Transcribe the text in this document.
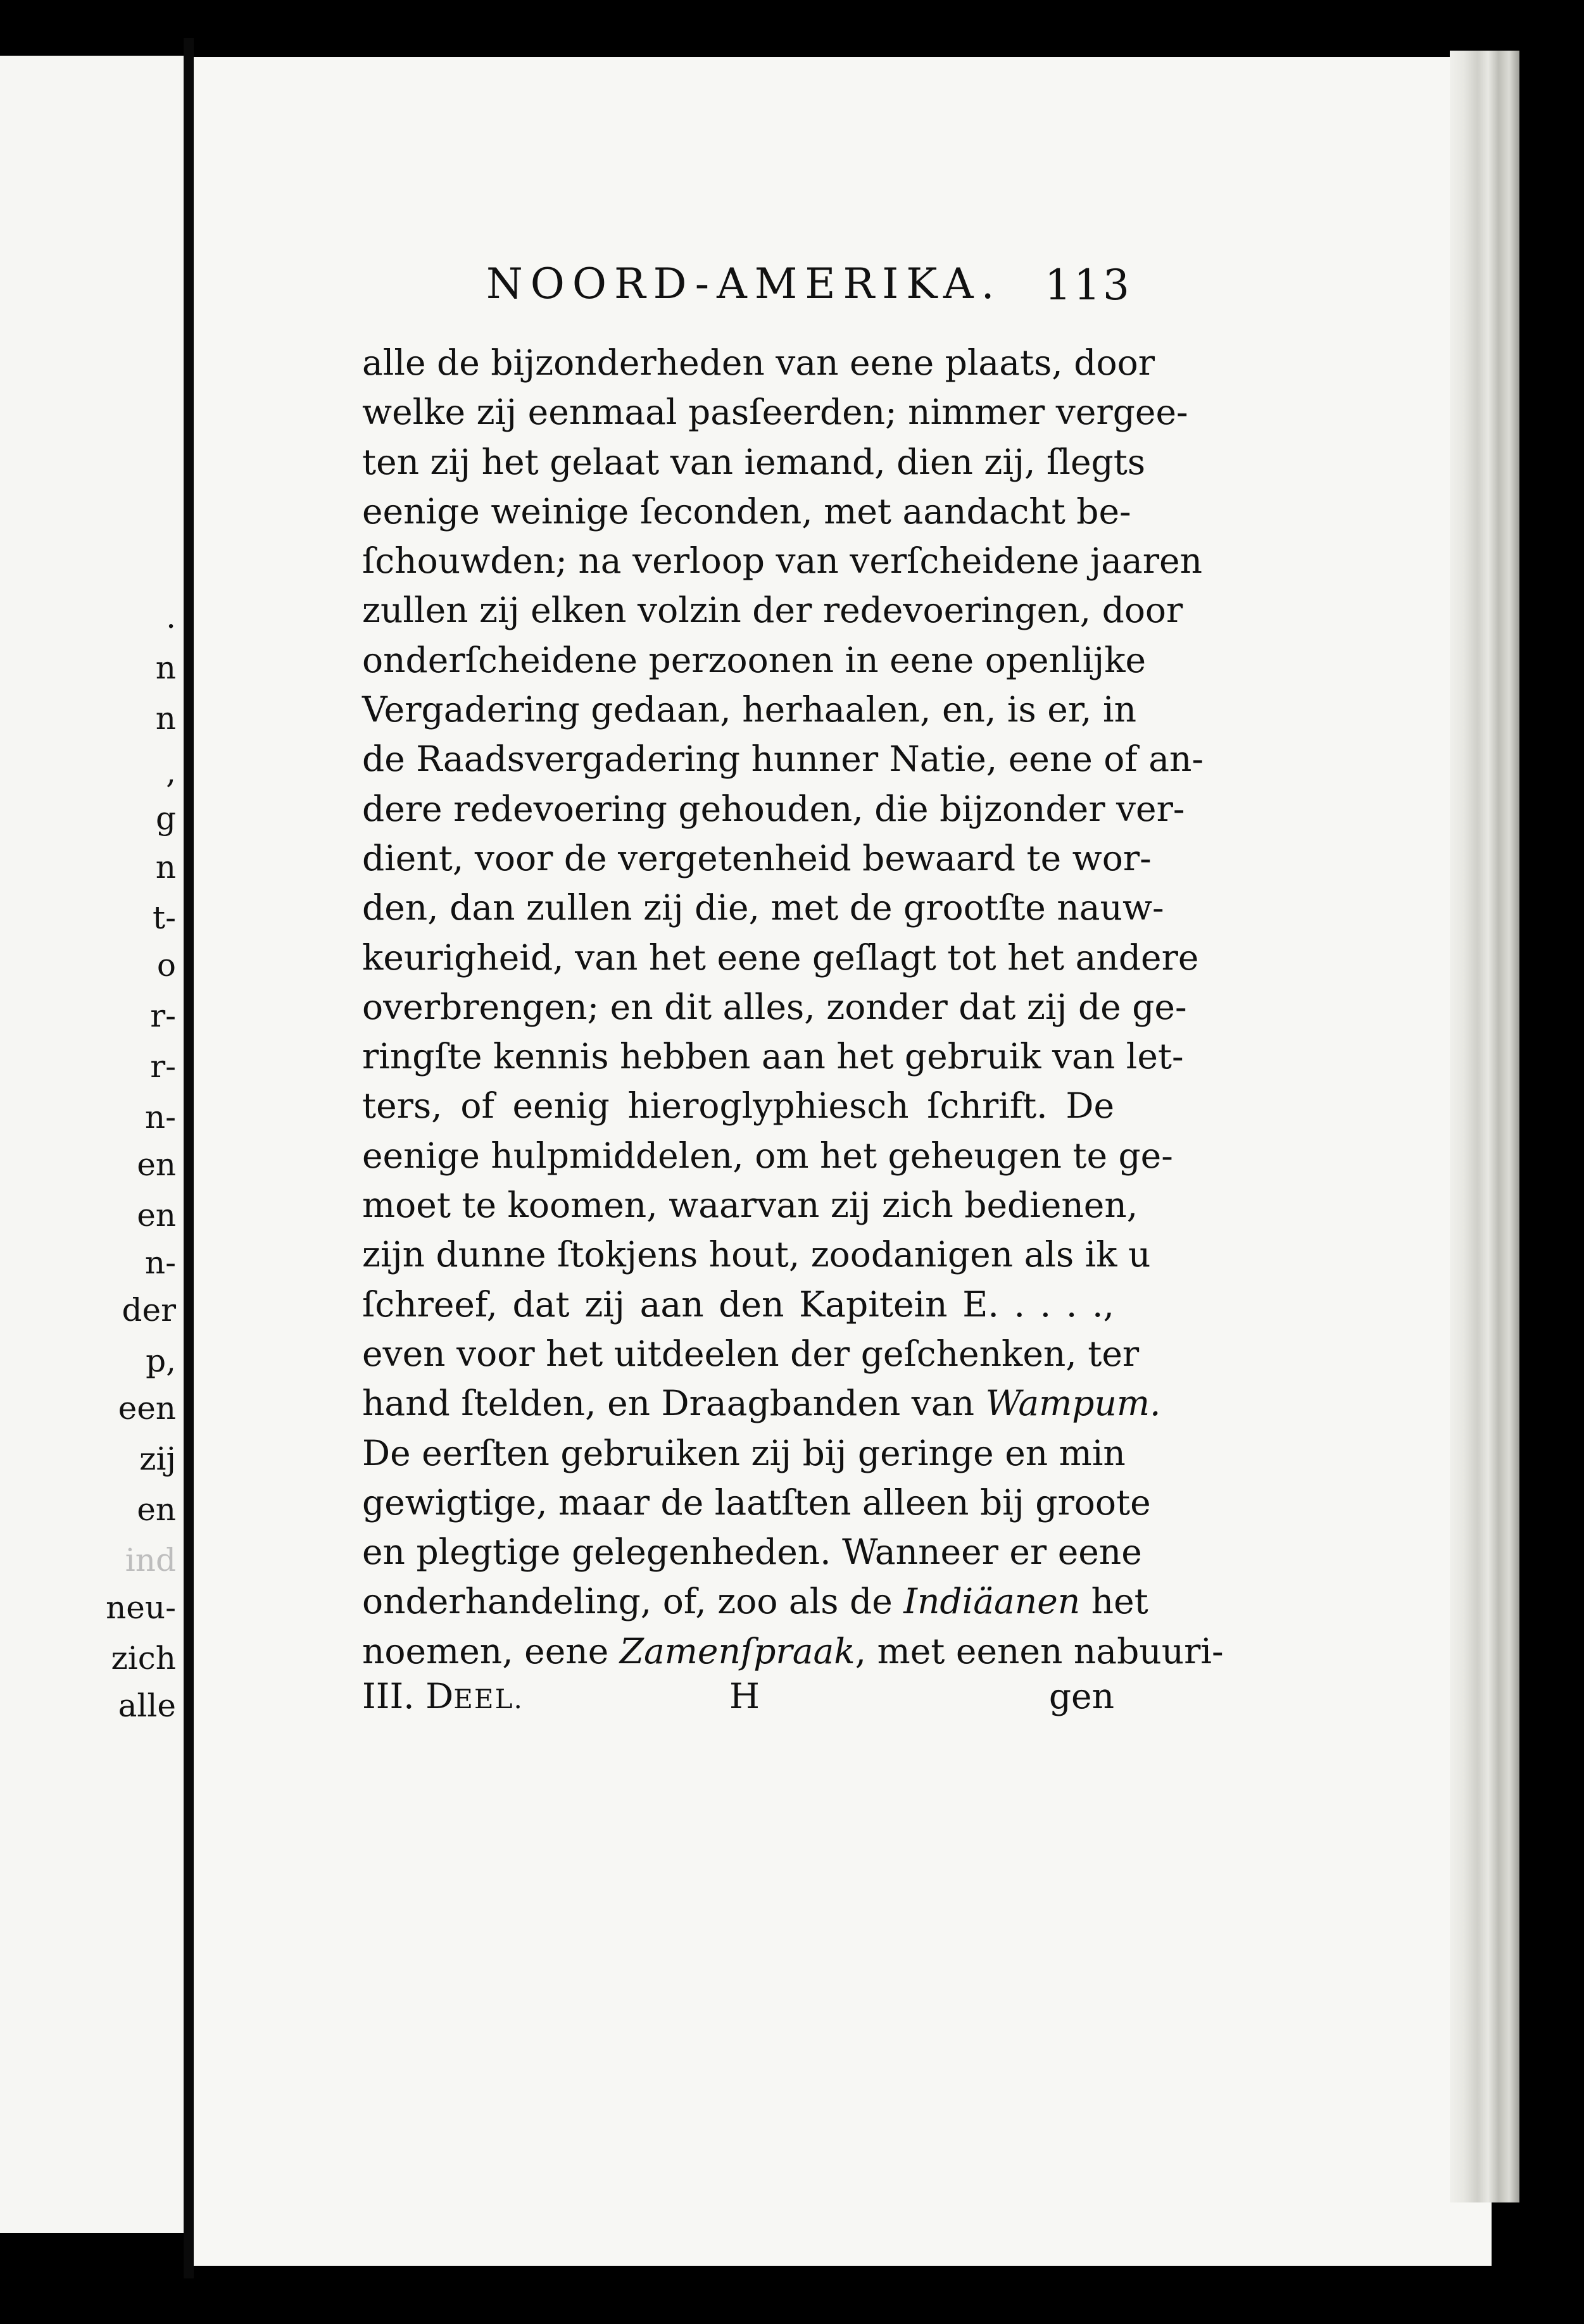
.
n
n
,
g
n
t-
o
r-
r-
n-
en
en
n-
der
p,
een
zij
en
ind
neu-
zich
alle
NOORD-AMERIKA.	113
alle de bijzonderheden van eene plaats, door
welke zij eenmaal pasſeerden; nimmer vergee-
ten zij het gelaat van iemand, dien zij, ſlegts
eenige weinige ſeconden, met aandacht be-
ſchouwden; na verloop van verſcheidene jaaren
zullen zij elken volzin der redevoeringen, door
onderſcheidene perzoonen in eene openlijke
Vergadering gedaan, herhaalen, en, is er, in
de Raadsvergadering hunner Natie, eene of an-
dere redevoering gehouden, die bijzonder ver-
dient, voor de vergetenheid bewaard te wor-
den, dan zullen zij die, met de grootſte nauw-
keurigheid, van het eene geſlagt tot het andere
overbrengen; en dit alles, zonder dat zij de ge-
ringſte kennis hebben aan het gebruik van let-
ters, of eenig hieroglyphiesch ſchrift. De
eenige hulpmiddelen, om het geheugen te ge-
moet te koomen, waarvan zij zich bedienen,
zijn dunne ſtokjens hout, zoodanigen als ik u
ſchreef, dat zij aan den Kapitein E. . . . .,
even voor het uitdeelen der geſchenken, ter
hand ſtelden, en Draagbanden van Wampum.
De eerſten gebruiken zij bij geringe en min
gewigtige, maar de laatſten alleen bij groote
en plegtige gelegenheden. Wanneer er eene
onderhandeling, of, zoo als de Indiäanen het
noemen, eene Zamenſpraak, met eenen nabuuri-
III. DEEL.	H	gen
